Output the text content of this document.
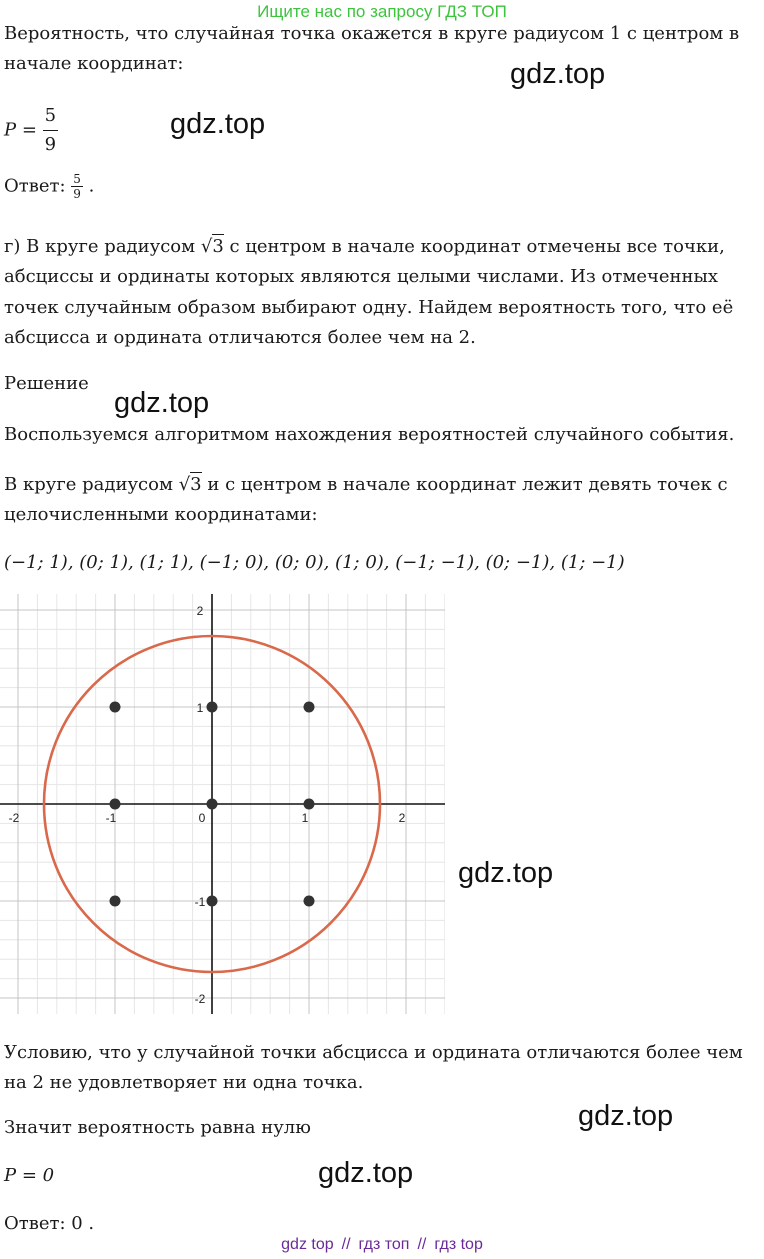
Ищите нас по запросу ГДЗ ТОП
Вероятность, что случайная точка окажется в круге радиусом 1 с центром в
начале координат:	gdz.top
$P = \frac{5}{9}$	gdz.top
Ответ: $\frac{5}{9}$ .
г) В круге радиусом √3 с центром в начале координат отмечены все точки,
абсциссы и ординаты которых являются целыми числами. Из отмеченных
точек случайным образом выбирают одну. Найдем вероятность того, что её
абсцисса и ордината отличаются более чем на 2.
Решение
gdz.top
Воспользуемся алгоритмом нахождения вероятностей случайного события.
В круге радиусом √3 и с центром в начале координат лежит девять точек с
целочисленными координатами:
(−1; 1), (0; 1), (1; 1), (−1; 0), (0; 0), (1; 0), (−1; −1), (0; −1), (1; −1)
-2	-1	0	1	2
-2
-1
1
2
gdz.top
Условию, что у случайной точки абсцисса и ордината отличаются более чем
на 2 не удовлетворяет ни одна точка.
gdz.top
Значит вероятность равна нулю
P = 0	gdz.top
Ответ: 0 .
gdz top // гдз топ // гдз top
